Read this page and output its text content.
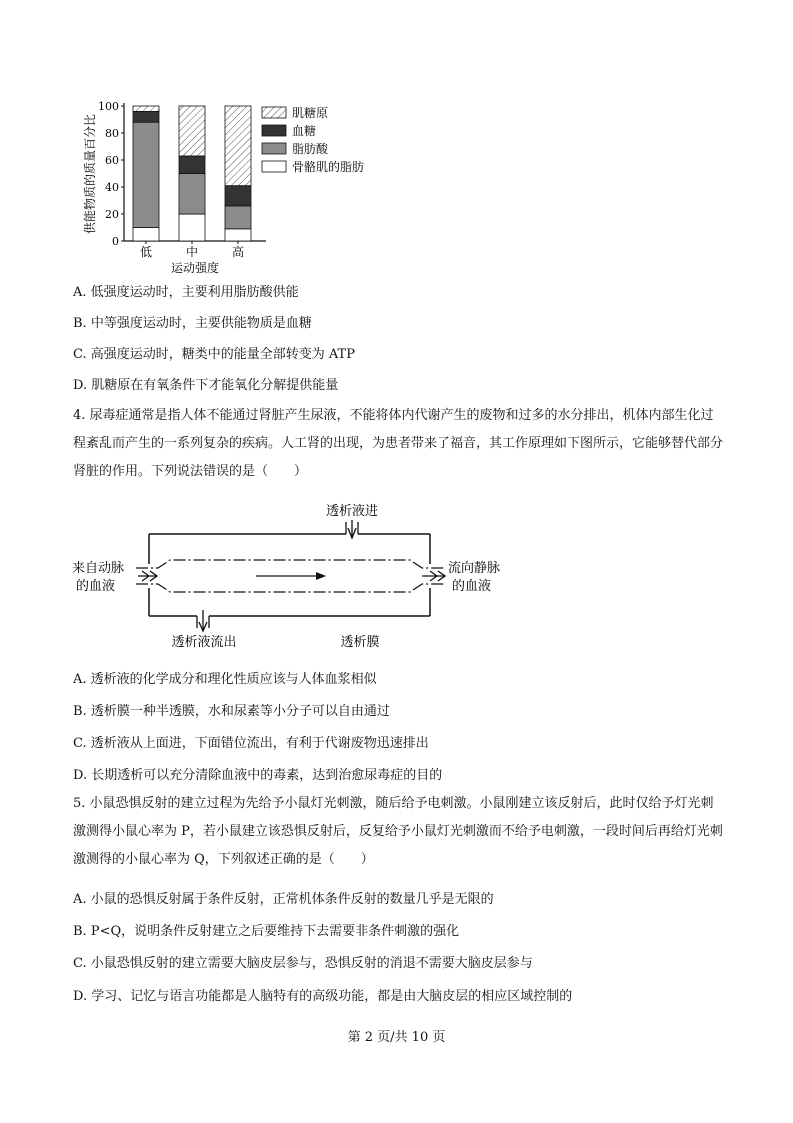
供能物质的质量百分比
0
20
40
60
80
100
低	中	高
运动强度
肌糖原
血糖
脂肪酸
骨骼肌的脂肪
A. 低强度运动时，主要利用脂肪酸供能
B. 中等强度运动时，主要供能物质是血糖
C. 高强度运动时，糖类中的能量全部转变为 ATP
D. 肌糖原在有氧条件下才能氧化分解提供能量
4. 尿毒症通常是指人体不能通过肾脏产生尿液，不能将体内代谢产生的废物和过多的水分排出，机体内部生化过程紊乱而产生的一系列复杂的疾病。人工肾的出现，为患者带来了福音，其工作原理如下图所示，它能够替代部分肾脏的作用。下列说法错误的是（　　）
透析液进
来自动脉
的血液
流向静脉
的血液
透析液流出	透析膜
A. 透析液的化学成分和理化性质应该与人体血浆相似
B. 透析膜一种半透膜，水和尿素等小分子可以自由通过
C. 透析液从上面进，下面错位流出，有利于代谢废物迅速排出
D. 长期透析可以充分清除血液中的毒素，达到治愈尿毒症的目的
5. 小鼠恐惧反射的建立过程为先给予小鼠灯光刺激，随后给予电刺激。小鼠刚建立该反射后，此时仅给予灯光刺激测得小鼠心率为 P，若小鼠建立该恐惧反射后，反复给予小鼠灯光刺激而不给予电刺激，一段时间后再给灯光刺激测得的小鼠心率为 Q，下列叙述正确的是（　　）
A. 小鼠的恐惧反射属于条件反射，正常机体条件反射的数量几乎是无限的
B. P<Q，说明条件反射建立之后要维持下去需要非条件刺激的强化
C. 小鼠恐惧反射的建立需要大脑皮层参与，恐惧反射的消退不需要大脑皮层参与
D. 学习、记忆与语言功能都是人脑特有的高级功能，都是由大脑皮层的相应区域控制的
第 2 页/共 10 页
